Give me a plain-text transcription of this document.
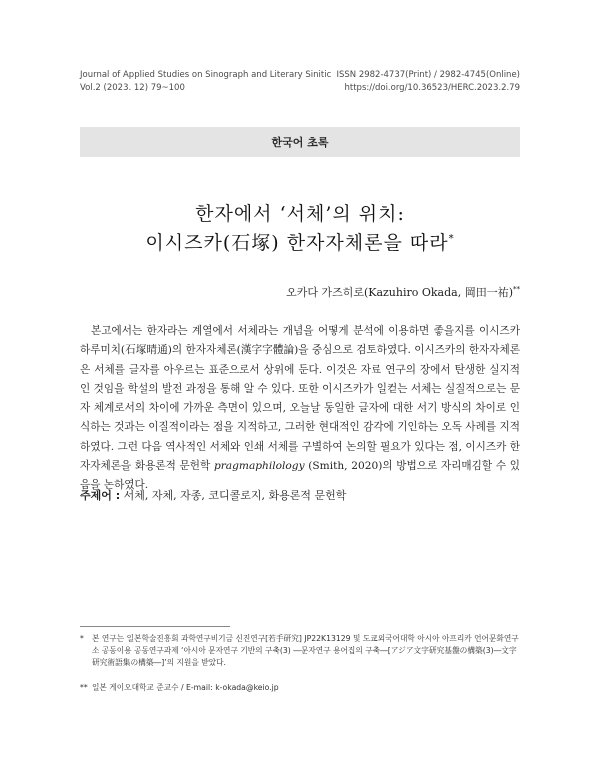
Journal of Applied Studies on Sinograph and Literary Sinitic
Vol.2 (2023. 12) 79~100
ISSN 2982-4737(Print) / 2982-4745(Online)
https://doi.org/10.36523/HERC.2023.2.79
한국어 초록
한자에서 ‘서체’의 위치:
이시즈카(石塚) 한자자체론을 따라*
오카다 가즈히로(Kazuhiro Okada, 岡田一祐)**

본고에서는 한자라는 계열에서 서체라는 개념을 어떻게 분석에 이용하면 좋을지를 이시즈카 하루미치(石塚晴通)의 한자자체론(漢字字體論)을 중심으로 검토하였다. 이시즈카의 한자자체론은 서체를 글자를 아우르는 표준으로서 상위에 둔다. 이것은 자료 연구의 장에서 탄생한 실지적인 것임을 학설의 발전 과정을 통해 알 수 있다. 또한 이시즈카가 일컫는 서체는 실질적으로는 문자 체계로서의 차이에 가까운 측면이 있으며, 오늘날 동일한 글자에 대한 서기 방식의 차이로 인식하는 것과는 이질적이라는 점을 지적하고, 그러한 현대적인 감각에 기인하는 오독 사례를 지적하였다. 그런 다음 역사적인 서체와 인쇄 서체를 구별하여 논의할 필요가 있다는 점, 이시즈카 한자자체론을 화용론적 문헌학 pragmaphilology (Smith, 2020)의 방법으로 자리매김할 수 있음을 논하였다.

주제어 : 서체, 자체, 자종, 코디콜로지, 화용론적 문헌학
* 본 연구는 일본학술진흥회 과학연구비기금 신진연구[若手研究] JP22K13129 및 도쿄외국어대학 아시아 아프리카 언어문화연구소 공동이용 공동연구과제 ‘아시아 문자연구 기반의 구축(3) ―문자연구 용어집의 구축―[アジア文字研究基盤の構築(3)―文字研究術語集の構築―]’의 지원을 받았다.
** 일본 게이오대학교 준교수 / E-mail: k-okada@keio.jp
